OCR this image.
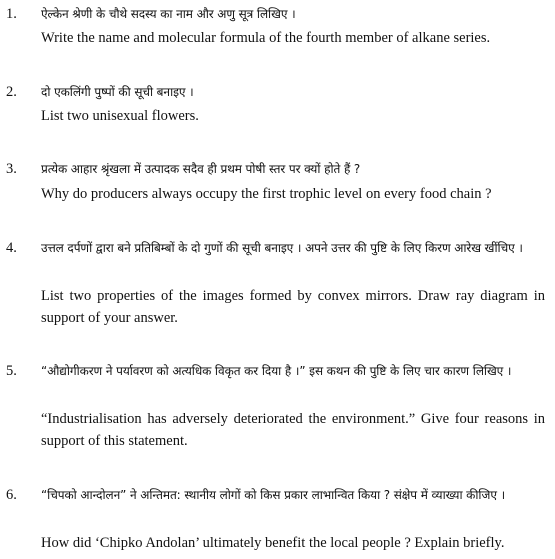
1. ऐल्केन श्रेणी के चौथे सदस्य का नाम और अणु सूत्र लिखिए ।
Write the name and molecular formula of the fourth member of alkane series.
2. दो एकलिंगी पुष्पों की सूची बनाइए ।
List two unisexual flowers.
3. प्रत्येक आहार श्रृंखला में उत्पादक सदैव ही प्रथम पोषी स्तर पर क्यों होते हैं ?
Why do producers always occupy the first trophic level on every food chain ?
4. उत्तल दर्पणों द्वारा बने प्रतिबिम्बों के दो गुणों की सूची बनाइए । अपने उत्तर की पुष्टि के लिए किरण आरेख खींचिए ।
List two properties of the images formed by convex mirrors. Draw ray diagram in support of your answer.
5. “औद्योगीकरण ने पर्यावरण को अत्यधिक विकृत कर दिया है ।” इस कथन की पुष्टि के लिए चार कारण लिखिए ।
“Industrialisation has adversely deteriorated the environment.” Give four reasons in support of this statement.
6. “चिपको आन्दोलन” ने अन्तिमत: स्थानीय लोगों को किस प्रकार लाभान्वित किया ? संक्षेप में व्याख्या कीजिए ।
How did ‘Chipko Andolan’ ultimately benefit the local people ? Explain briefly.
